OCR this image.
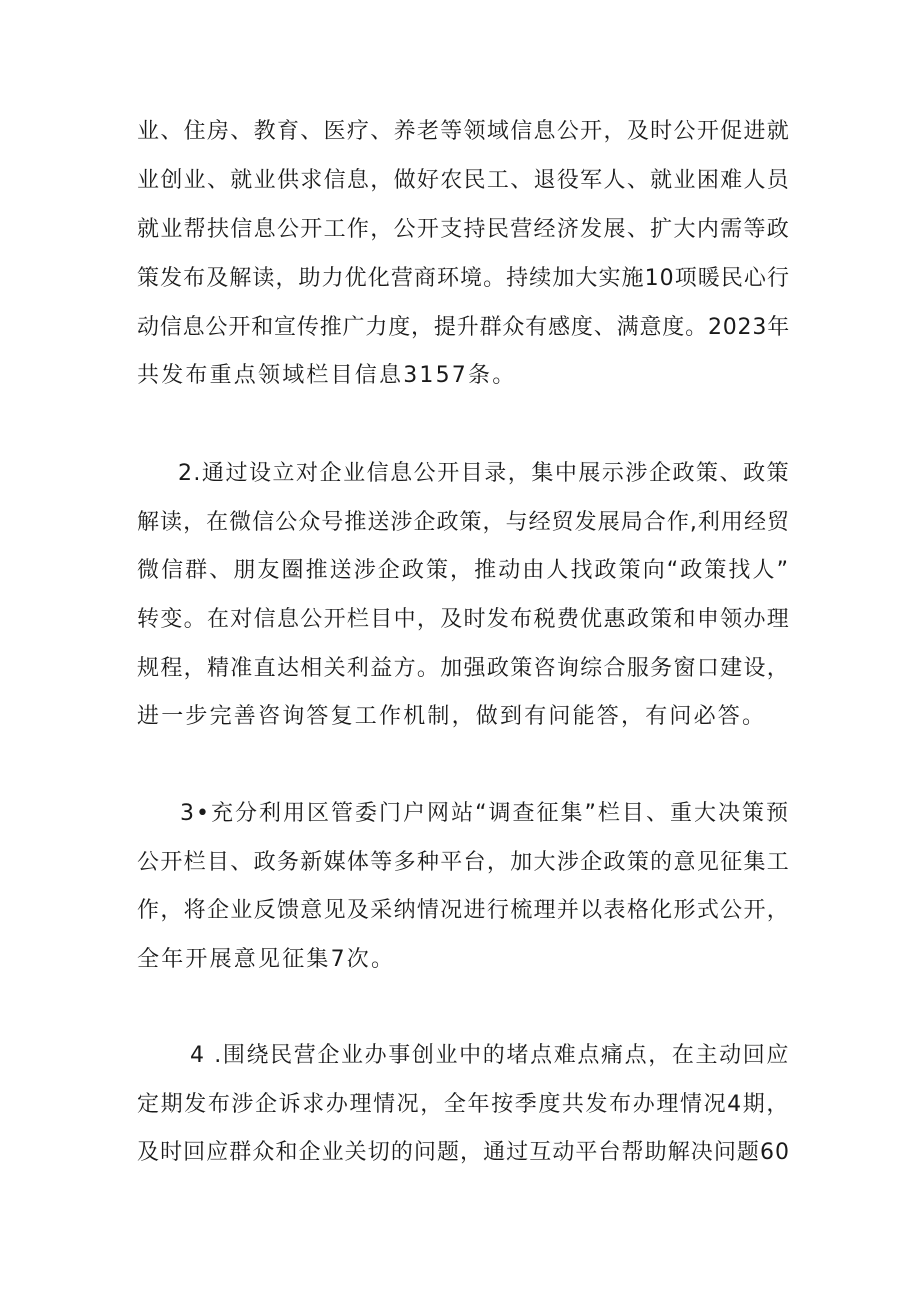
业、住房、教育、医疗、养老等领域信息公开，及时公开促进就
业创业、就业供求信息，做好农民工、退役军人、就业困难人员
就业帮扶信息公开工作，公开支持民营经济发展、扩大内需等政
策发布及解读，助力优化营商环境。持续加大实施10项暖民心行
动信息公开和宣传推广力度，提升群众有感度、满意度。2023年
共发布重点领域栏目信息3157条。
2.通过设立对企业信息公开目录，集中展示涉企政策、政策
解读，在微信公众号推送涉企政策，与经贸发展局合作,利用经贸
微信群、朋友圈推送涉企政策，推动由人找政策向“政策找人”
转变。在对信息公开栏目中，及时发布税费优惠政策和申领办理
规程，精准直达相关利益方。加强政策咨询综合服务窗口建设，
进一步完善咨询答复工作机制，做到有问能答，有问必答。
3•充分利用区管委门户网站“调查征集”栏目、重大决策预
公开栏目、政务新媒体等多种平台，加大涉企政策的意见征集工
作，将企业反馈意见及采纳情况进行梳理并以表格化形式公开，
全年开展意见征集7次。
4 .围绕民营企业办事创业中的堵点难点痛点，在主动回应
定期发布涉企诉求办理情况，全年按季度共发布办理情况4期，
及时回应群众和企业关切的问题，通过互动平台帮助解决问题60
